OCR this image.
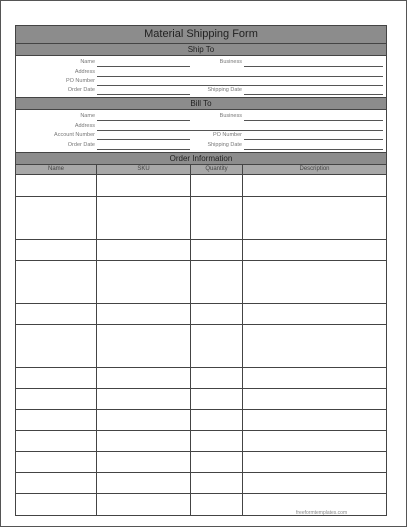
Material Shipping Form
Ship To
Name	Business
Address
PO Number
Order Date	Shipping Date
Bill To
Name	Business
Address
Account Number	PO Number
Order Date	Shipping Date
Order Information
Name	SKU	Quantity	Description
freeformtemplates.com
